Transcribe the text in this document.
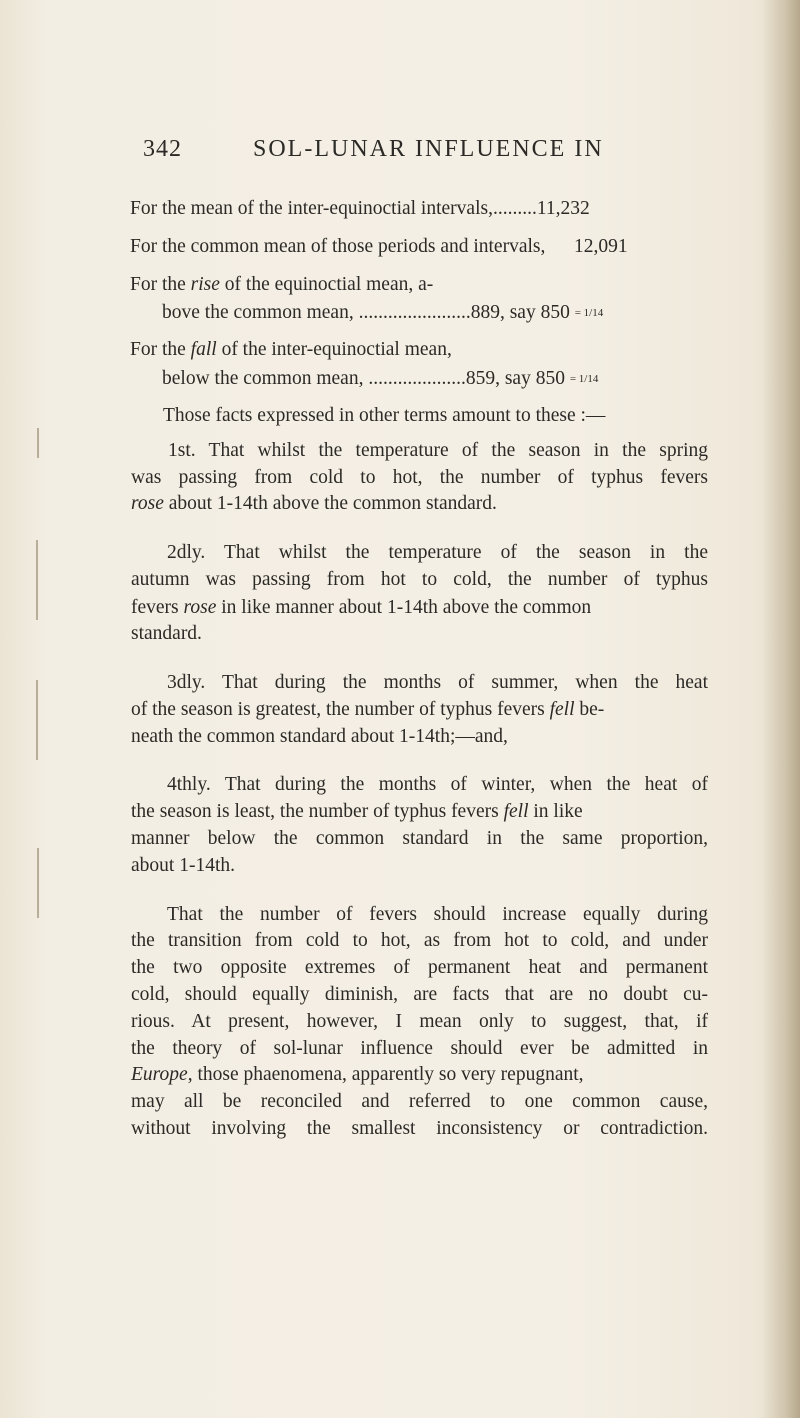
342	SOL-LUNAR INFLUENCE IN
For the mean of the inter-equinoctial intervals,.........11,232
For the common mean of those periods and intervals, 12,091
For the rise of the equinoctial mean, a-
bove the common mean, .......................889, say 850 = 1/14
For the fall of the inter-equinoctial mean,
below the common mean, ....................859, say 850 = 1/14
Those facts expressed in other terms amount to these :—
1st. That whilst the temperature of the season in the spring
was passing from cold to hot, the number of typhus fevers
rose about 1-14th above the common standard.
2dly. That whilst the temperature of the season in the
autumn was passing from hot to cold, the number of typhus
fevers rose in like manner about 1-14th above the common
standard.
3dly. That during the months of summer, when the heat
of the season is greatest, the number of typhus fevers fell be-
neath the common standard about 1-14th;—and,
4thly. That during the months of winter, when the heat of
the season is least, the number of typhus fevers fell in like
manner below the common standard in the same proportion,
about 1-14th.
That the number of fevers should increase equally during
the transition from cold to hot, as from hot to cold, and under
the two opposite extremes of permanent heat and permanent
cold, should equally diminish, are facts that are no doubt cu-
rious. At present, however, I mean only to suggest, that, if
the theory of sol-lunar influence should ever be admitted in
Europe, those phaenomena, apparently so very repugnant,
may all be reconciled and referred to one common cause,
without involving the smallest inconsistency or contradiction.
